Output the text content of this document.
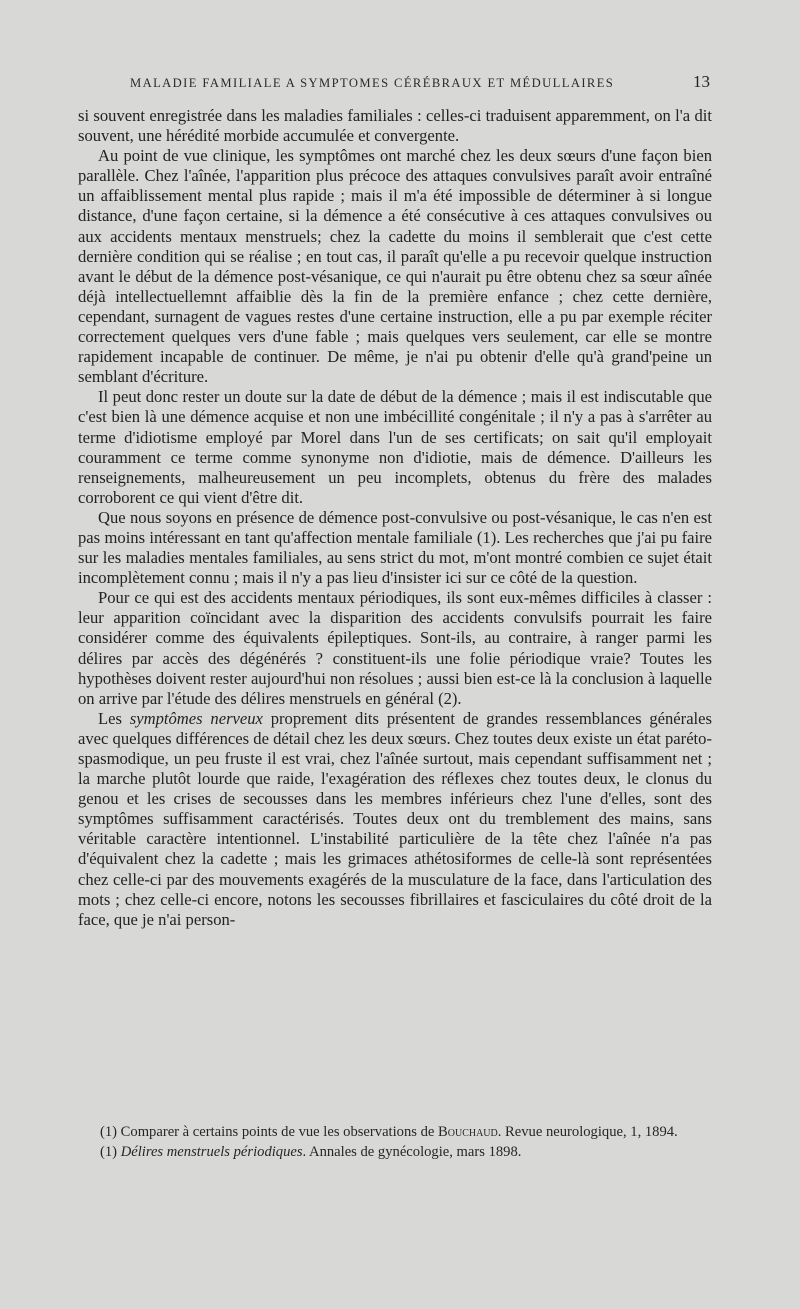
MALADIE FAMILIALE A SYMPTOMES CÉRÉBRAUX ET MÉDULLAIRES	13

si souvent enregistrée dans les maladies familiales : celles-ci traduisent apparemment, on l'a dit souvent, une hérédité morbide accumulée et convergente.

Au point de vue clinique, les symptômes ont marché chez les deux sœurs d'une façon bien parallèle. Chez l'aînée, l'apparition plus précoce des attaques convulsives paraît avoir entraîné un affaiblissement mental plus rapide ; mais il m'a été impossible de déterminer à si longue distance, d'une façon certaine, si la démence a été consécutive à ces attaques convulsives ou aux accidents mentaux menstruels; chez la cadette du moins il semblerait que c'est cette dernière condition qui se réalise ; en tout cas, il paraît qu'elle a pu recevoir quelque instruction avant le début de la démence post-vésanique, ce qui n'aurait pu être obtenu chez sa sœur aînée déjà intellectuellemnt affaiblie dès la fin de la première enfance ; chez cette dernière, cependant, surnagent de vagues restes d'une certaine instruction, elle a pu par exemple réciter correctement quelques vers d'une fable ; mais quelques vers seulement, car elle se montre rapidement incapable de continuer. De même, je n'ai pu obtenir d'elle qu'à grand'peine un semblant d'écriture.

Il peut donc rester un doute sur la date de début de la démence ; mais il est indiscutable que c'est bien là une démence acquise et non une imbécillité congénitale ; il n'y a pas à s'arrêter au terme d'idiotisme employé par Morel dans l'un de ses certificats; on sait qu'il employait couramment ce terme comme synonyme non d'idiotie, mais de démence. D'ailleurs les renseignements, malheureusement un peu incomplets, obtenus du frère des malades corroborent ce qui vient d'être dit.

Que nous soyons en présence de démence post-convulsive ou post-vésanique, le cas n'en est pas moins intéressant en tant qu'affection mentale familiale (1). Les recherches que j'ai pu faire sur les maladies mentales familiales, au sens strict du mot, m'ont montré combien ce sujet était incomplètement connu ; mais il n'y a pas lieu d'insister ici sur ce côté de la question.

Pour ce qui est des accidents mentaux périodiques, ils sont eux-mêmes difficiles à classer : leur apparition coïncidant avec la disparition des accidents convulsifs pourrait les faire considérer comme des équivalents épileptiques. Sont-ils, au contraire, à ranger parmi les délires par accès des dégénérés ? constituent-ils une folie périodique vraie? Toutes les hypothèses doivent rester aujourd'hui non résolues ; aussi bien est-ce là la conclusion à laquelle on arrive par l'étude des délires menstruels en général (2).

Les symptômes nerveux proprement dits présentent de grandes ressemblances générales avec quelques différences de détail chez les deux sœurs. Chez toutes deux existe un état paréto-spasmodique, un peu fruste il est vrai, chez l'aînée surtout, mais cependant suffisamment net ; la marche plutôt lourde que raide, l'exagération des réflexes chez toutes deux, le clonus du genou et les crises de secousses dans les membres inférieurs chez l'une d'elles, sont des symptômes suffisamment caractérisés. Toutes deux ont du tremblement des mains, sans véritable caractère intentionnel. L'instabilité particulière de la tête chez l'aînée n'a pas d'équivalent chez la cadette ; mais les grimaces athétosiformes de celle-là sont représentées chez celle-ci par des mouvements exagérés de la musculature de la face, dans l'articulation des mots ; chez celle-ci encore, notons les secousses fibrillaires et fasciculaires du côté droit de la face, que je n'ai person-

(1) Comparer à certains points de vue les observations de Bouchaud. Revue neurologique, 1, 1894.

(1) Délires menstruels périodiques. Annales de gynécologie, mars 1898.
